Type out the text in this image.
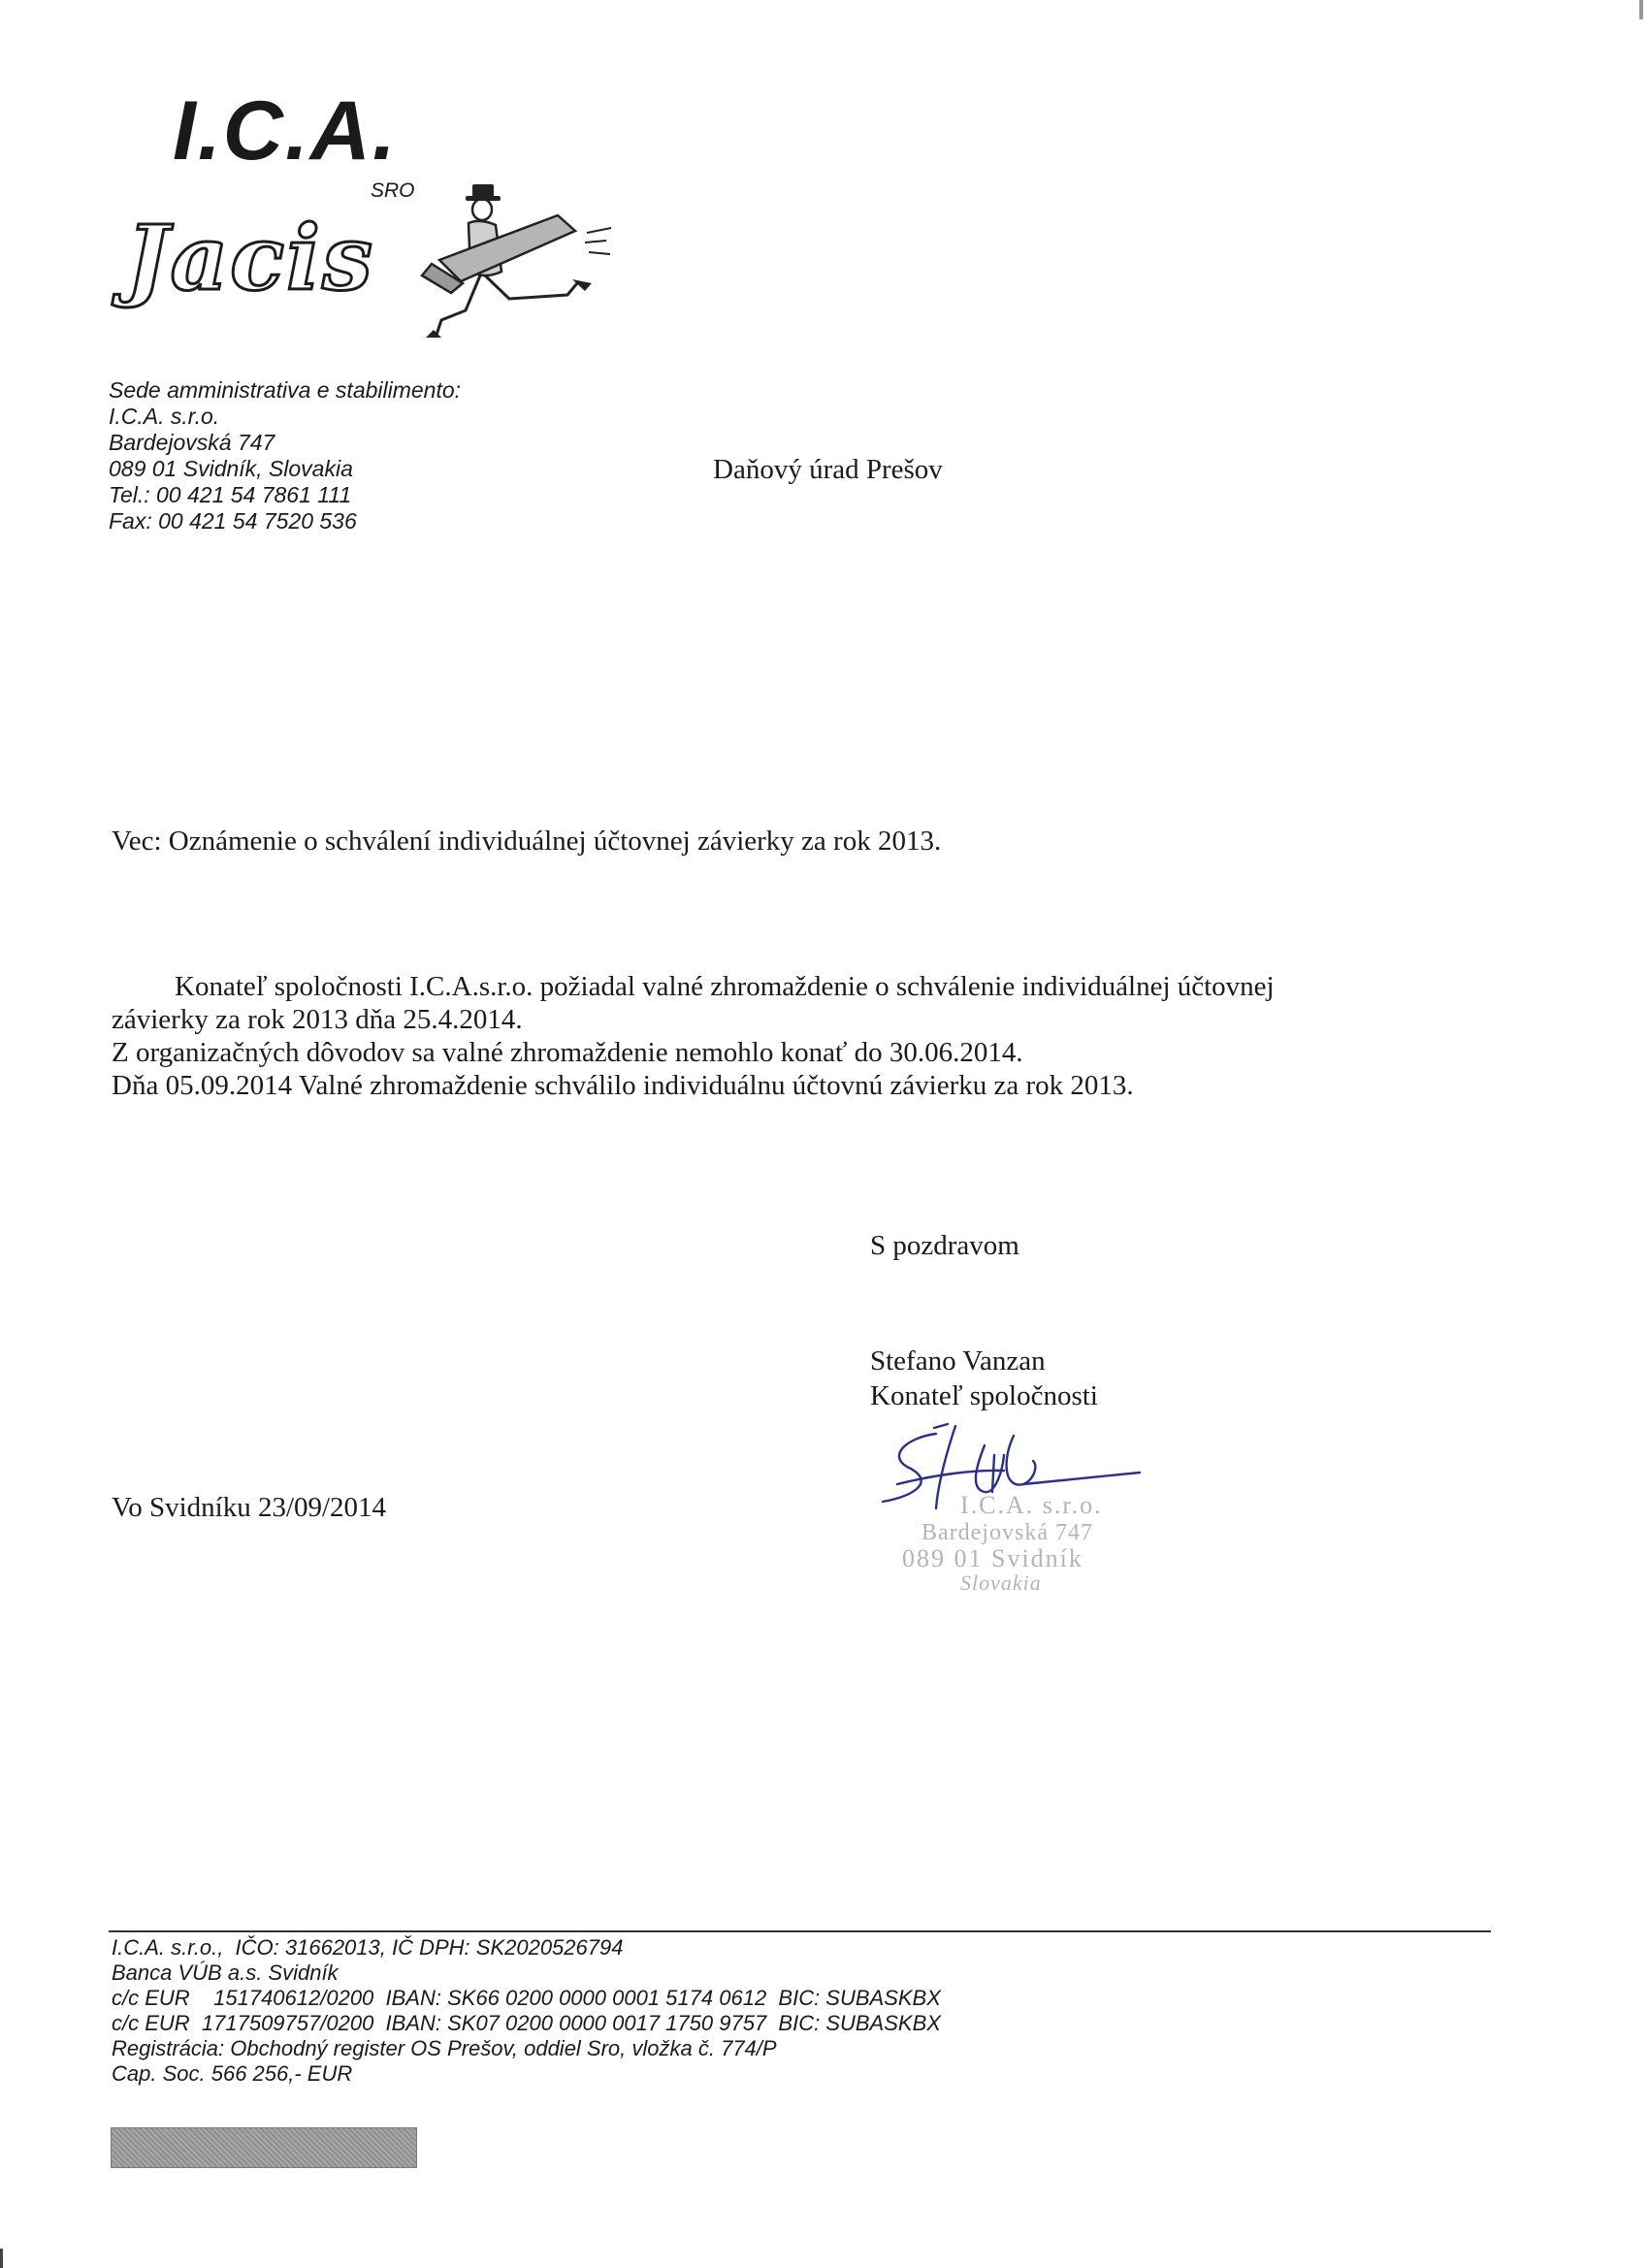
I.C.A.
SRO
Jacis
Sede amministrativa e stabilimento:
I.C.A. s.r.o.
Bardejovská 747
089 01 Svidník, Slovakia
Tel.: 00 421 54 7861 111
Fax: 00 421 54 7520 536
Daňový úrad Prešov
Vec: Oznámenie o schválení individuálnej účtovnej závierky za rok 2013.

Konateľ spoločnosti I.C.A.s.r.o. požiadal valné zhromaždenie o schválenie individuálnej účtovnej

závierky za rok 2013 dňa 25.4.2014.

Z organizačných dôvodov sa valné zhromaždenie nemohlo konať do 30.06.2014.

Dňa 05.09.2014 Valné zhromaždenie schválilo individuálnu účtovnú závierku za rok 2013.

S pozdravom
Stefano Vanzan
Konateľ spoločnosti
I.C.A. s.r.o.
Bardejovská 747
089 01 Svidník
Slovakia
Vo Svidníku 23/09/2014
I.C.A. s.r.o.,  IČO: 31662013, IČ DPH: SK2020526794
Banca VÚB a.s. Svidník
c/c EUR    151740612/0200  IBAN: SK66 0200 0000 0001 5174 0612  BIC: SUBASKBX
c/c EUR  1717509757/0200  IBAN: SK07 0200 0000 0017 1750 9757  BIC: SUBASKBX
Registrácia: Obchodný register OS Prešov, oddiel Sro, vložka č. 774/P
Cap. Soc. 566 256,- EUR
